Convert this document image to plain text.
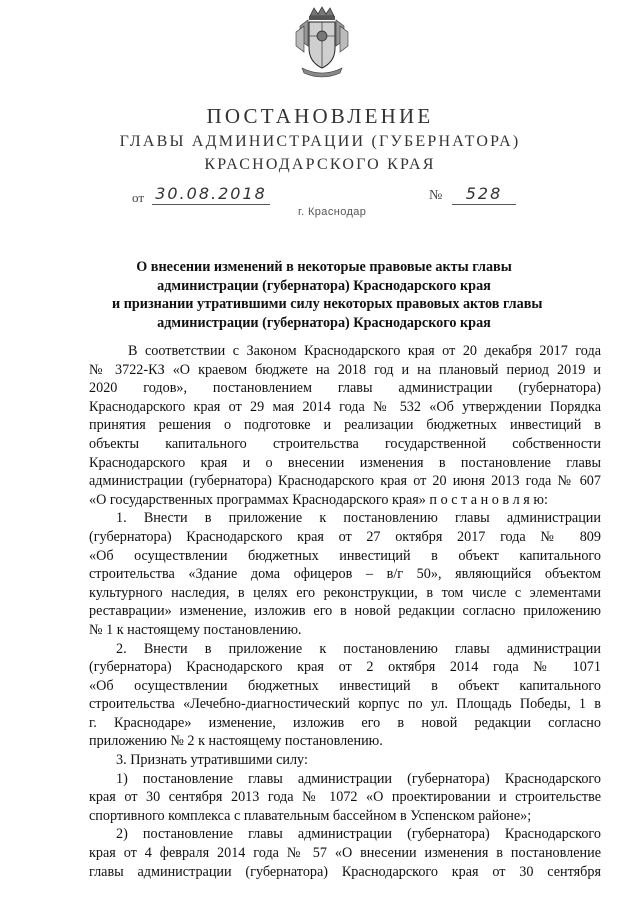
ПОСТАНОВЛЕНИЕ
ГЛАВЫ АДМИНИСТРАЦИИ (ГУБЕРНАТОРА)
КРАСНОДАРСКОГО КРАЯ
от 30.08.2018	№	528
г. Краснодар
О внесении изменений в некоторые правовые акты главы
администрации (губернатора) Краснодарского края
и признании утратившими силу некоторых правовых актов главы
администрации (губернатора) Краснодарского края
В соответствии с Законом Краснодарского края от 20 декабря 2017 года
№ 3722-КЗ «О краевом бюджете на 2018 год и на плановый период 2019 и
2020 годов», постановлением главы администрации (губернатора)
Краснодарского края от 29 мая 2014 года № 532 «Об утверждении Порядка
принятия решения о подготовке и реализации бюджетных инвестиций в
объекты капитального строительства государственной собственности
Краснодарского края и о внесении изменения в постановление главы
администрации (губернатора) Краснодарского края от 20 июня 2013 года № 607
«О государственных программах Краснодарского края» п о с т а н о в л я ю:
1. Внести в приложение к постановлению главы администрации
(губернатора) Краснодарского края от 27 октября 2017 года № 809
«Об осуществлении бюджетных инвестиций в объект капитального
строительства «Здание дома офицеров – в/г 50», являющийся объектом
культурного наследия, в целях его реконструкции, в том числе с элементами
реставрации» изменение, изложив его в новой редакции согласно приложению
№ 1 к настоящему постановлению.
2. Внести в приложение к постановлению главы администрации
(губернатора) Краснодарского края от 2 октября 2014 года № 1071
«Об осуществлении бюджетных инвестиций в объект капитального
строительства «Лечебно-диагностический корпус по ул. Площадь Победы, 1 в
г. Краснодаре» изменение, изложив его в новой редакции согласно
приложению № 2 к настоящему постановлению.
3. Признать утратившими силу:
1) постановление главы администрации (губернатора) Краснодарского
края от 30 сентября 2013 года № 1072 «О проектировании и строительстве
спортивного комплекса с плавательным бассейном в Успенском районе»;
2) постановление главы администрации (губернатора) Краснодарского
края от 4 февраля 2014 года № 57 «О внесении изменения в постановление
главы администрации (губернатора) Краснодарского края от 30 сентября
